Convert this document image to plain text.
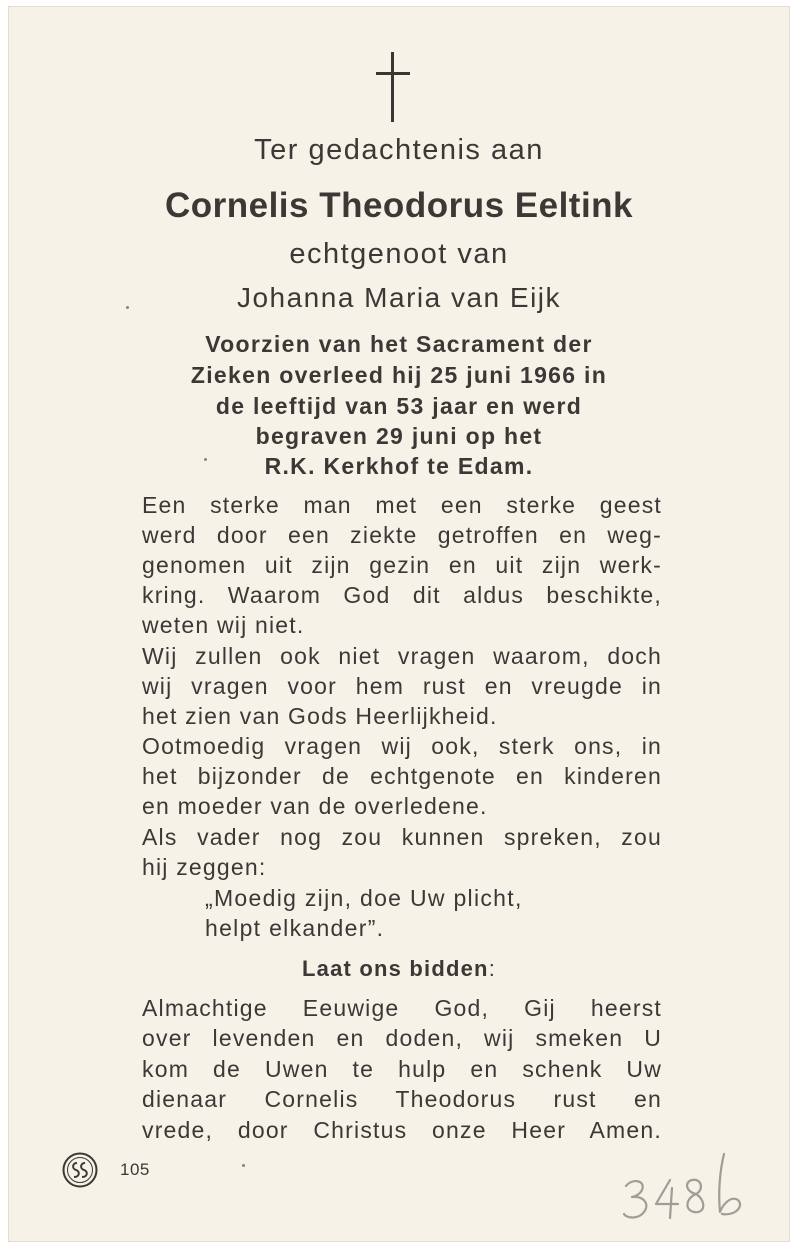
Ter gedachtenis aan
Cornelis Theodorus Eeltink
echtgenoot van
Johanna Maria van Eijk
Voorzien van het Sacrament der
Zieken overleed hij 25 juni 1966 in
de leeftijd van 53 jaar en werd
begraven 29 juni op het
R.K. Kerkhof te Edam.
Een sterke man met een sterke geest
werd door een ziekte getroffen en weg-
genomen uit zijn gezin en uit zijn werk-
kring. Waarom God dit aldus beschikte,
weten wij niet.
Wij zullen ook niet vragen waarom, doch
wij vragen voor hem rust en vreugde in
het zien van Gods Heerlijkheid.
Ootmoedig vragen wij ook, sterk ons, in
het bijzonder de echtgenote en kinderen
en moeder van de overledene.
Als vader nog zou kunnen spreken, zou
hij zeggen:
„Moedig zijn, doe Uw plicht,
helpt elkander”.
Laat ons bidden:
Almachtige Eeuwige God, Gij heerst
over levenden en doden, wij smeken U
kom de Uwen te hulp en schenk Uw
dienaar Cornelis Theodorus rust en
vrede, door Christus onze Heer Amen.
105
